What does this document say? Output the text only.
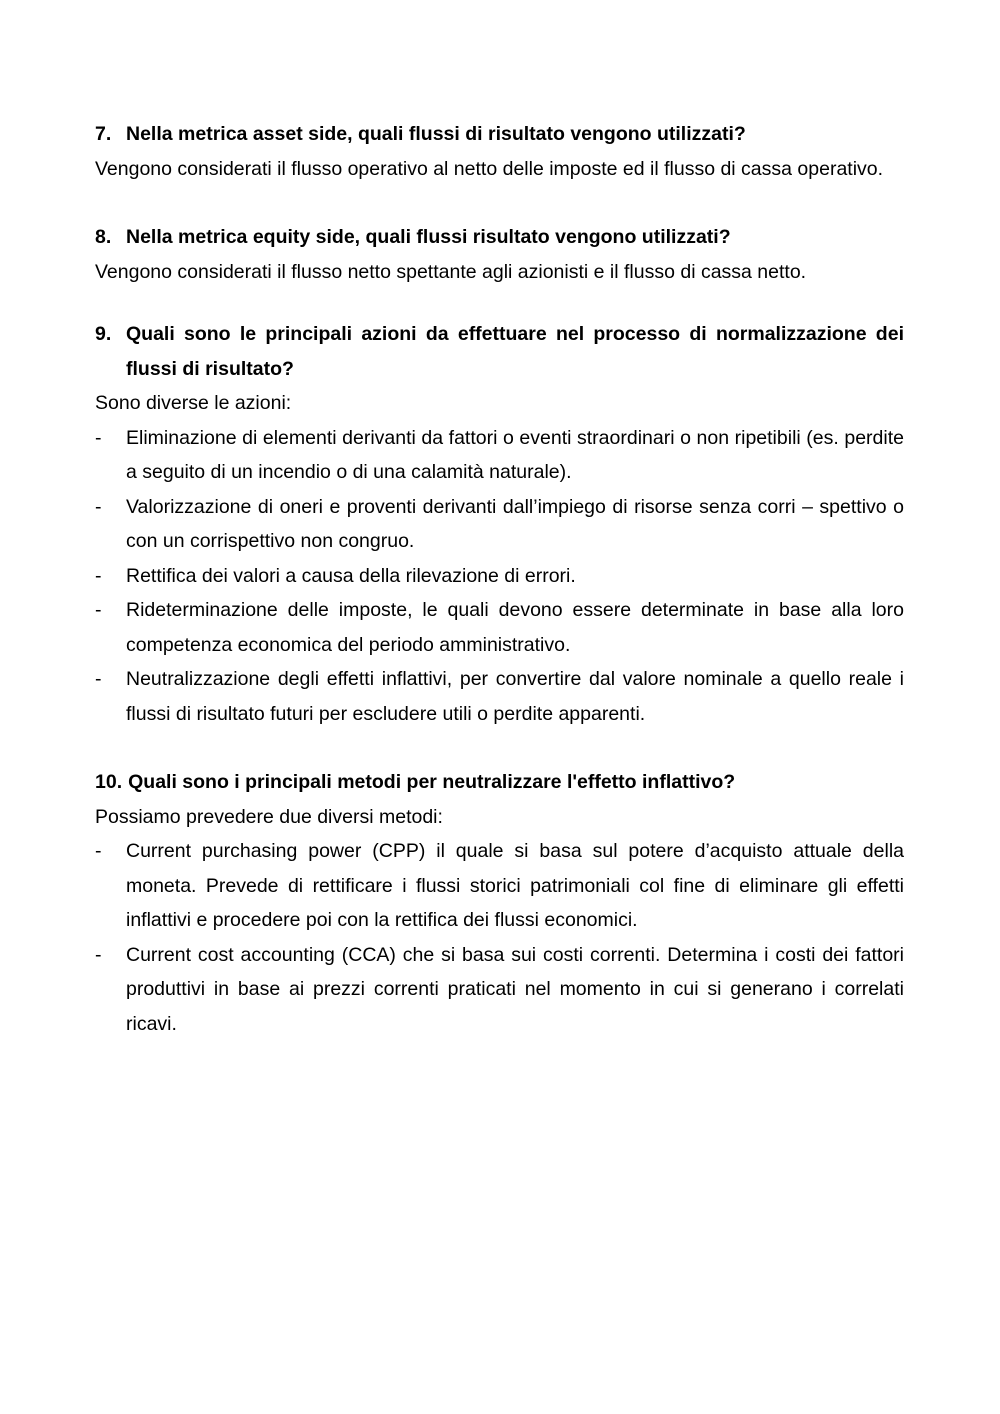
7. Nella metrica asset side, quali flussi di risultato vengono utilizzati?
Vengono considerati il flusso operativo al netto delle imposte ed il flusso di cassa operativo.
8. Nella metrica equity side, quali flussi risultato vengono utilizzati?
Vengono considerati il flusso netto spettante agli azionisti e il flusso di cassa netto.
9. Quali sono le principali azioni da effettuare nel processo di normalizzazione dei flussi di risultato?
Sono diverse le azioni:
-	Eliminazione di elementi derivanti da fattori o eventi straordinari o non ripetibili (es. perdite a seguito di un incendio o di una calamità naturale).
-	Valorizzazione di oneri e proventi derivanti dall’impiego di risorse senza corri – spettivo o con un corrispettivo non congruo.
-	Rettifica dei valori a causa della rilevazione di errori.
-	Rideterminazione delle imposte, le quali devono essere determinate in base alla loro competenza economica del periodo amministrativo.
-	Neutralizzazione degli effetti inflattivi, per convertire dal valore nominale a quello reale i flussi di risultato futuri per escludere utili o perdite apparenti.
10. Quali sono i principali metodi per neutralizzare l'effetto inflattivo?
Possiamo prevedere due diversi metodi:
-	Current purchasing power (CPP) il quale si basa sul potere d’acquisto attuale della moneta. Prevede di rettificare i flussi storici patrimoniali col fine di eliminare gli effetti inflattivi e procedere poi con la rettifica dei flussi economici.
-	Current cost accounting (CCA) che si basa sui costi correnti. Determina i costi dei fattori produttivi in base ai prezzi correnti praticati nel momento in cui si generano i correlati ricavi.
